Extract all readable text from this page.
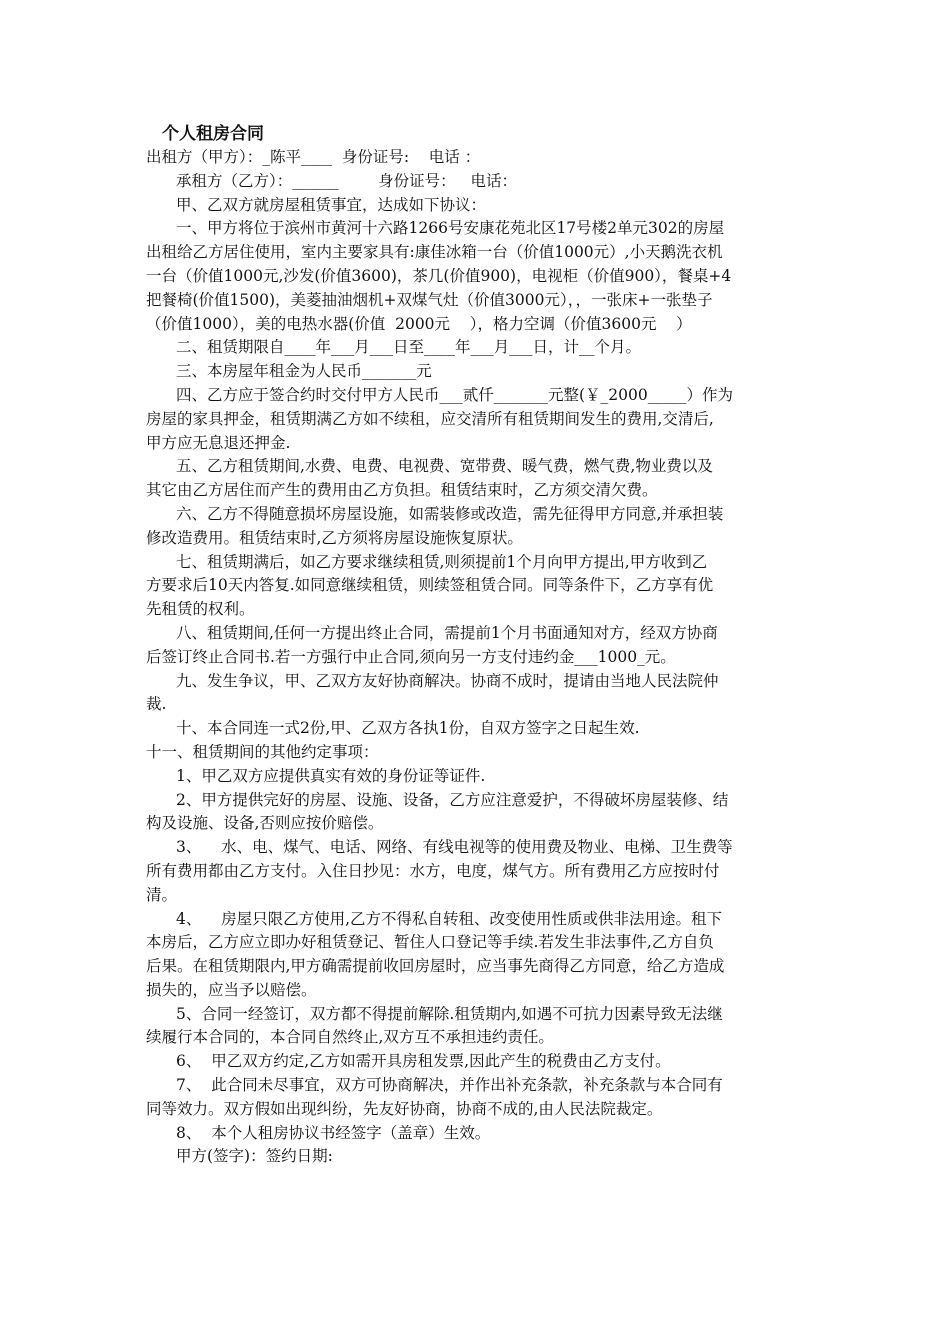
个人租房合同

出租方（甲方）：_陈平____  身份证号:    电话 ：

承租方（乙方）：______        身份证号：   电话：

甲、乙双方就房屋租赁事宜，达成如下协议：

一、甲方将位于滨州市黄河十六路1266号安康花苑北区17号楼2单元302的房屋

出租给乙方居住使用，室内主要家具有:康佳冰箱一台（价值1000元）,小天鹅洗衣机

一台（价值1000元,沙发(价值3600)，茶几(价值900)，电视柜（价值900），餐桌+4

把餐椅(价值1500)，美菱抽油烟机+双煤气灶（价值3000元），，一张床+一张垫子

（价值1000），美的电热水器(价值  2000元    ），格力空调（价值3600元    ）

二、租赁期限自____年___月___日至____年___月___日，计__个月。

三、本房屋年租金为人民币_______元

四、乙方应于签合约时交付甲方人民币___贰仟_______元整(￥_2000_____）作为

房屋的家具押金，租赁期满乙方如不续租，应交清所有租赁期间发生的费用,交清后,

甲方应无息退还押金.

五、乙方租赁期间,水费、电费、电视费、宽带费、暖气费，燃气费,物业费以及

其它由乙方居住而产生的费用由乙方负担。租赁结束时，乙方须交清欠费。

六、乙方不得随意损坏房屋设施，如需装修或改造，需先征得甲方同意,并承担装

修改造费用。租赁结束时,乙方须将房屋设施恢复原状。

七、租赁期满后，如乙方要求继续租赁,则须提前1个月向甲方提出,甲方收到乙

方要求后10天内答复.如同意继续租赁，则续签租赁合同。同等条件下，乙方享有优

先租赁的权利。

八、租赁期间,任何一方提出终止合同，需提前1个月书面通知对方，经双方协商

后签订终止合同书.若一方强行中止合同,须向另一方支付违约金___1000_元。

九、发生争议，甲、乙双方友好协商解决。协商不成时，提请由当地人民法院仲

裁.

十、本合同连一式2份,甲、乙双方各执1份，自双方签字之日起生效.

十一、租赁期间的其他约定事项：

1、甲乙双方应提供真实有效的身份证等证件.

2、甲方提供完好的房屋、设施、设备，乙方应注意爱护，不得破坏房屋装修、结

构及设施、设备,否则应按价赔偿。

3、    水、电、煤气、电话、网络、有线电视等的使用费及物业、电梯、卫生费等

所有费用都由乙方支付。入住日抄见：水方，电度，煤气方。所有费用乙方应按时付

清。

4、    房屋只限乙方使用,乙方不得私自转租、改变使用性质或供非法用途。租下

本房后，乙方应立即办好租赁登记、暂住人口登记等手续.若发生非法事件,乙方自负

后果。在租赁期限内,甲方确需提前收回房屋时，应当事先商得乙方同意，给乙方造成

损失的，应当予以赔偿。

5、合同一经签订，双方都不得提前解除.租赁期内,如遇不可抗力因素导致无法继

续履行本合同的，本合同自然终止,双方互不承担违约责任。

6、  甲乙双方约定,乙方如需开具房租发票,因此产生的税费由乙方支付。

7、  此合同未尽事宜，双方可协商解决，并作出补充条款，补充条款与本合同有

同等效力。双方假如出现纠纷，先友好协商，协商不成的,由人民法院裁定。

8、  本个人租房协议书经签字（盖章）生效。

甲方(签字)：签约日期:
